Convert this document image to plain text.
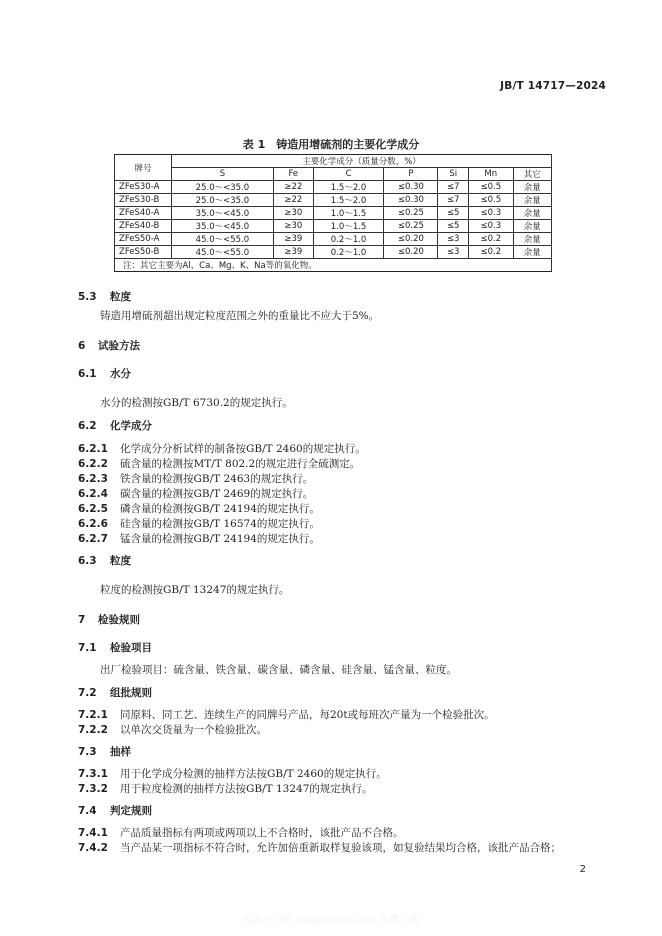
JB/T 14717—2024
表 1　铸造用增硫剂的主要化学成分
牌号	主要化学成分（质量分数，%）						
	S	Fe	C	P	Si	Mn	其它
ZFeS30-A	25.0～<35.0	≥22	1.5～2.0	≤0.30	≤7	≤0.5	余量
ZFeS30-B	25.0～<35.0	≥22	1.5～2.0	≤0.30	≤7	≤0.5	余量
ZFeS40-A	35.0～<45.0	≥30	1.0～1.5	≤0.25	≤5	≤0.3	余量
ZFeS40-B	35.0～<45.0	≥30	1.0～1.5	≤0.25	≤5	≤0.3	余量
ZFeS50-A	45.0～<55.0	≥39	0.2～1.0	≤0.20	≤3	≤0.2	余量
ZFeS50-B	45.0～<55.0	≥39	0.2～1.0	≤0.20	≤3	≤0.2	余量
注：其它主要为Al、Ca、Mg、K、Na等的氧化物。							
5.3 粒度
铸造用增硫剂超出规定粒度范围之外的重量比不应大于5%。
6 试验方法
6.1 水分
水分的检测按GB/T 6730.2的规定执行。
6.2 化学成分
6.2.1 化学成分分析试样的制备按GB/T 2460的规定执行。
6.2.2 硫含量的检测按MT/T 802.2的规定进行全硫测定。
6.2.3 铁含量的检测按GB/T 2463的规定执行。
6.2.4 碳含量的检测按GB/T 2469的规定执行。
6.2.5 磷含量的检测按GB/T 24194的规定执行。
6.2.6 硅含量的检测按GB/T 16574的规定执行。
6.2.7 锰含量的检测按GB/T 24194的规定执行。
6.3 粒度
粒度的检测按GB/T 13247的规定执行。
7 检验规则
7.1 检验项目
出厂检验项目：硫含量、铁含量、碳含量、磷含量、硅含量、锰含量、粒度。
7.2 组批规则
7.2.1 同原料、同工艺、连续生产的同牌号产品，每20t或每班次产量为一个检验批次。
7.2.2 以单次交货量为一个检验批次。
7.3 抽样
7.3.1 用于化学成分检测的抽样方法按GB/T 2460的规定执行。
7.3.2 用于粒度检测的抽样方法按GB/T 13247的规定执行。
7.4 判定规则
7.4.1 产品质量指标有两项或两项以上不合格时，该批产品不合格。
7.4.2 当产品某一项指标不符合时，允许加倍重新取样复验该项，如复验结果均合格，该批产品合格；
2
标准分享网 www.bzfxw.com 免费下载
